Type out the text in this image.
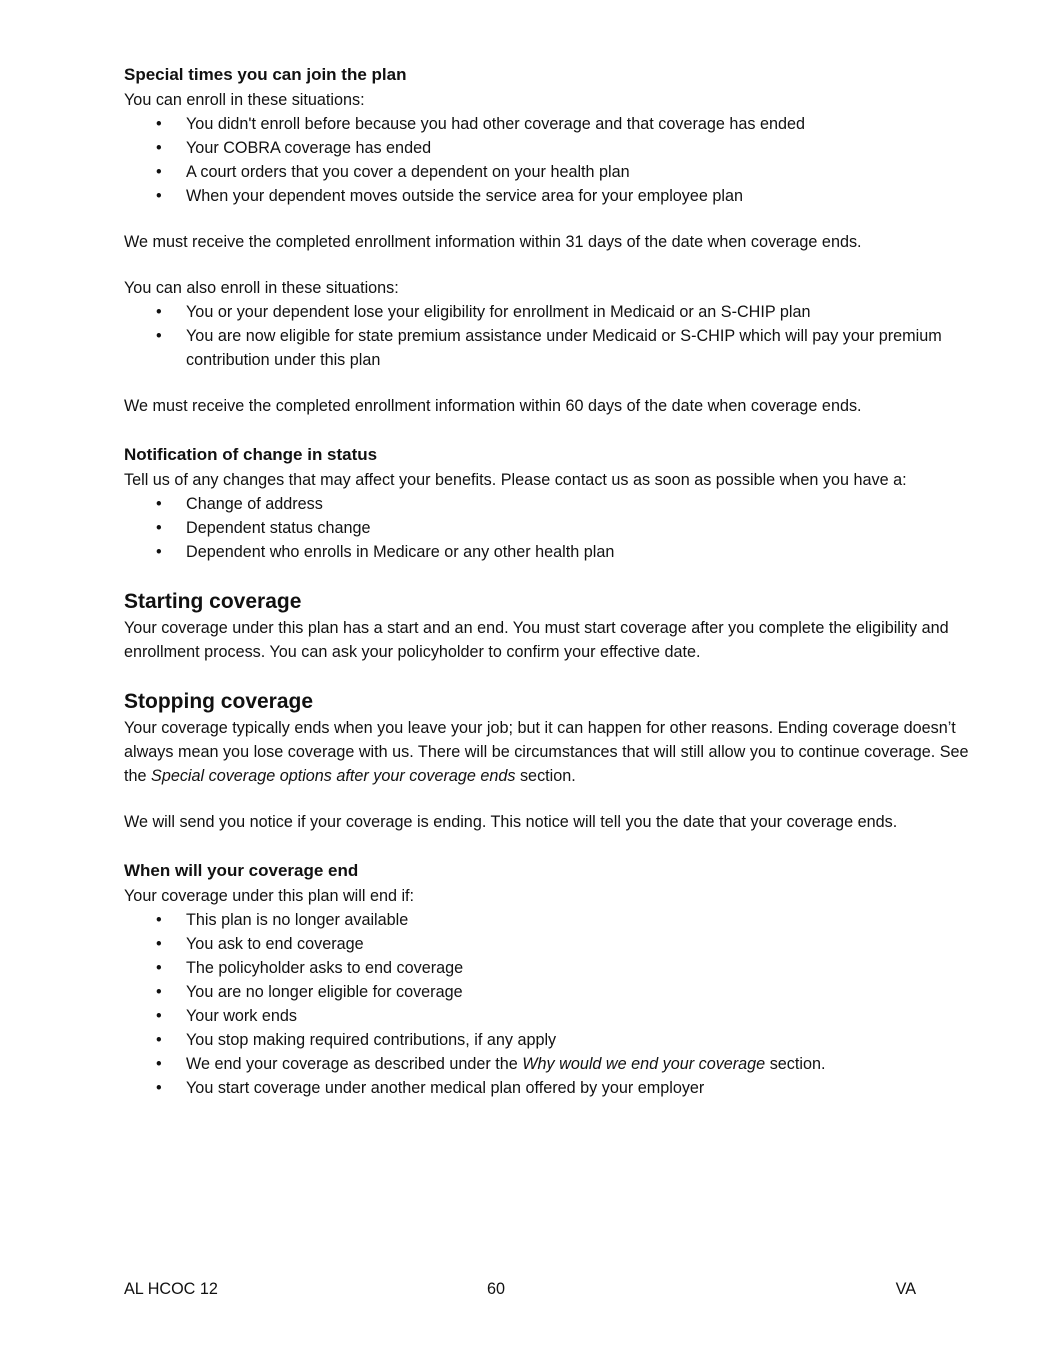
Special times you can join the plan

You can enroll in these situations:

• You didn't enroll before because you had other coverage and that coverage has ended
• Your COBRA coverage has ended
• A court orders that you cover a dependent on your health plan
• When your dependent moves outside the service area for your employee plan

We must receive the completed enrollment information within 31 days of the date when coverage ends.

You can also enroll in these situations:

• You or your dependent lose your eligibility for enrollment in Medicaid or an S-CHIP plan
• You are now eligible for state premium assistance under Medicaid or S-CHIP which will pay your premium contribution under this plan

We must receive the completed enrollment information within 60 days of the date when coverage ends.

Notification of change in status

Tell us of any changes that may affect your benefits. Please contact us as soon as possible when you have a:

• Change of address
• Dependent status change
• Dependent who enrolls in Medicare or any other health plan
Starting coverage

Your coverage under this plan has a start and an end. You must start coverage after you complete the eligibility and enrollment process. You can ask your policyholder to confirm your effective date.

Stopping coverage

Your coverage typically ends when you leave your job; but it can happen for other reasons. Ending coverage doesn’t always mean you lose coverage with us. There will be circumstances that will still allow you to continue coverage. See the Special coverage options after your coverage ends section.

We will send you notice if your coverage is ending. This notice will tell you the date that your coverage ends.

When will your coverage end

Your coverage under this plan will end if:

• This plan is no longer available
• You ask to end coverage
• The policyholder asks to end coverage
• You are no longer eligible for coverage
• Your work ends
• You stop making required contributions, if any apply
• We end your coverage as described under the Why would we end your coverage section.
• You start coverage under another medical plan offered by your employer
AL HCOC 12	60	VA
